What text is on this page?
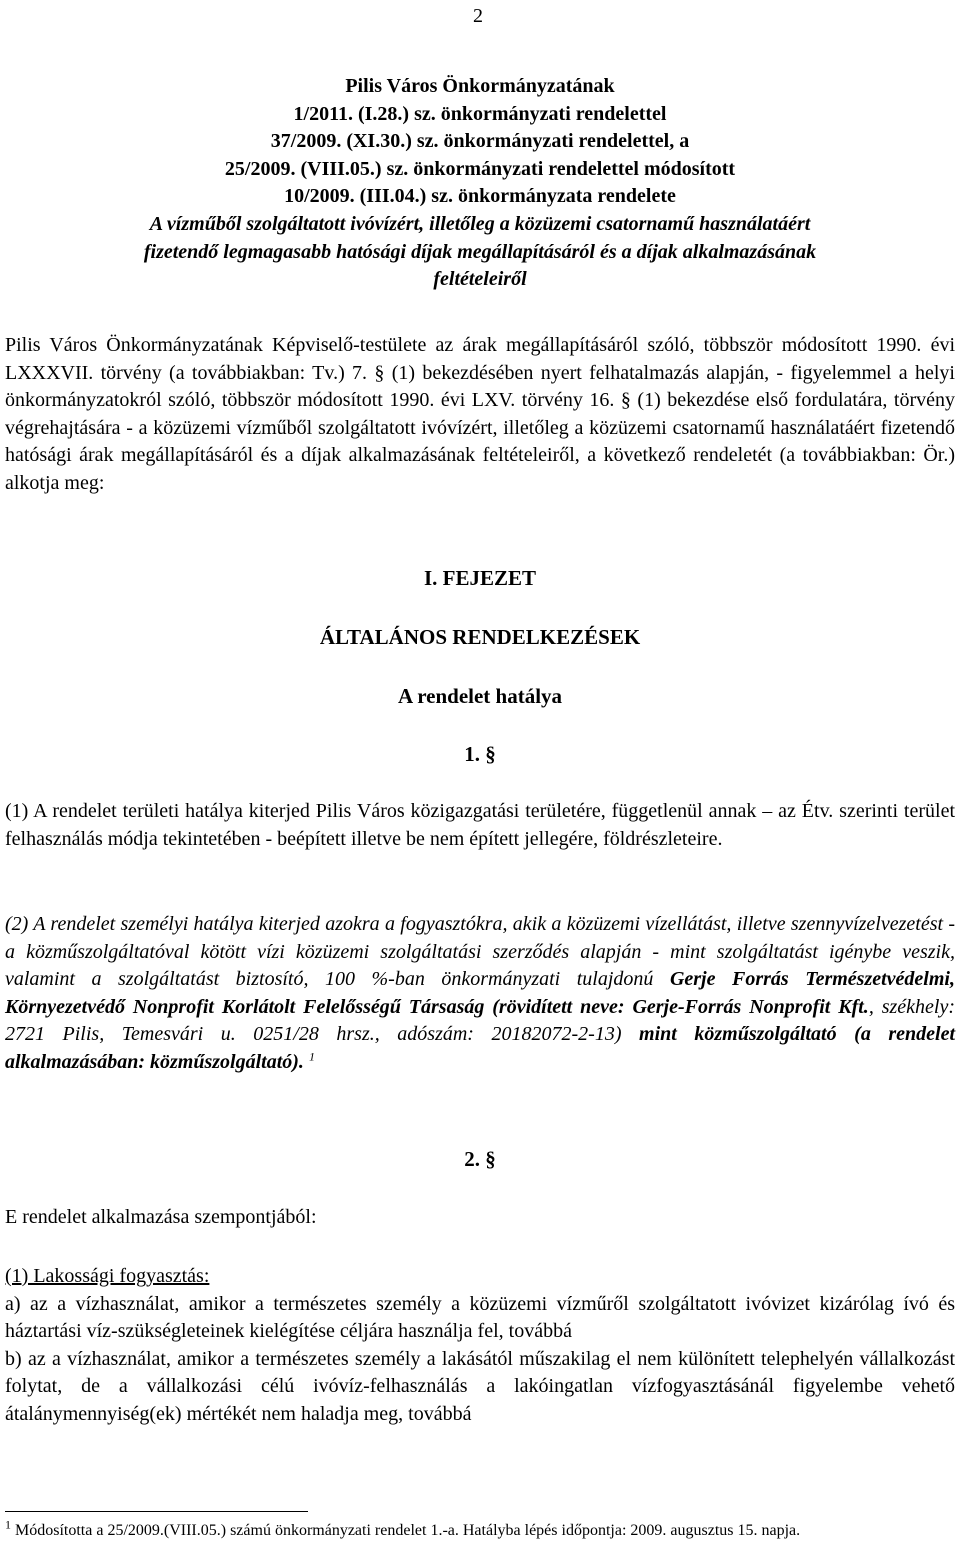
2
Pilis Város Önkormányzatának
1/2011. (I.28.) sz. önkormányzati rendelettel
37/2009. (XI.30.) sz. önkormányzati rendelettel, a
25/2009. (VIII.05.) sz. önkormányzati rendelettel módosított
10/2009. (III.04.) sz. önkormányzata rendelete
A vízműből szolgáltatott ivóvízért, illetőleg a közüzemi csatornamű használatáért
fizetendő legmagasabb hatósági díjak megállapításáról és a díjak alkalmazásának
feltételeiről

Pilis Város Önkormányzatának Képviselő-testülete az árak megállapításáról szóló, többször módosított 1990. évi LXXXVII. törvény (a továbbiakban: Tv.) 7. § (1) bekezdésében nyert felhatalmazás alapján, - figyelemmel a helyi önkormányzatokról szóló, többször módosított 1990. évi LXV. törvény 16. § (1) bekezdése első fordulatára, törvény végrehajtására - a közüzemi vízműből szolgáltatott ivóvízért, illetőleg a közüzemi csatornamű használatáért fizetendő hatósági árak megállapításáról és a díjak alkalmazásának feltételeiről, a következő rendeletét (a továbbiakban: Ör.) alkotja meg:

I. FEJEZET
ÁLTALÁNOS RENDELKEZÉSEK
A rendelet hatálya
1. §

(1) A rendelet területi hatálya kiterjed Pilis Város közigazgatási területére, függetlenül annak – az Étv. szerinti terület felhasználás módja tekintetében - beépített illetve be nem épített jellegére, földrészleteire.

(2) A rendelet személyi hatálya kiterjed azokra a fogyasztókra, akik a közüzemi vízellátást, illetve szennyvízelvezetést - a közműszolgáltatóval kötött vízi közüzemi szolgáltatási szerződés alapján - mint szolgáltatást igénybe veszik, valamint a szolgáltatást biztosító, 100 %-ban önkormányzati tulajdonú Gerje Forrás Természetvédelmi, Környezetvédő Nonprofit Korlátolt Felelősségű Társaság (rövidített neve: Gerje-Forrás Nonprofit Kft., székhely: 2721 Pilis, Temesvári u. 0251/28 hrsz., adószám: 20182072-2-13) mint közműszolgáltató (a rendelet alkalmazásában: közműszolgáltató). $^1$

2. §

E rendelet alkalmazása szempontjából:

(1) Lakossági fogyasztás:

a) az a vízhasználat, amikor a természetes személy a közüzemi vízműről szolgáltatott ivóvizet kizárólag ívó és háztartási víz-szükségleteinek kielégítése céljára használja fel, továbbá

b) az a vízhasználat, amikor a természetes személy a lakásától műszakilag el nem különített telephelyén vállalkozást folytat, de a vállalkozási célú ivóvíz-felhasználás a lakóingatlan vízfogyasztásánál figyelembe vehető átalánymennyiség(ek) mértékét nem haladja meg, továbbá

$^1$ Módosította a 25/2009.(VIII.05.) számú önkormányzati rendelet 1.-a. Hatályba lépés időpontja: 2009. augusztus 15. napja.
